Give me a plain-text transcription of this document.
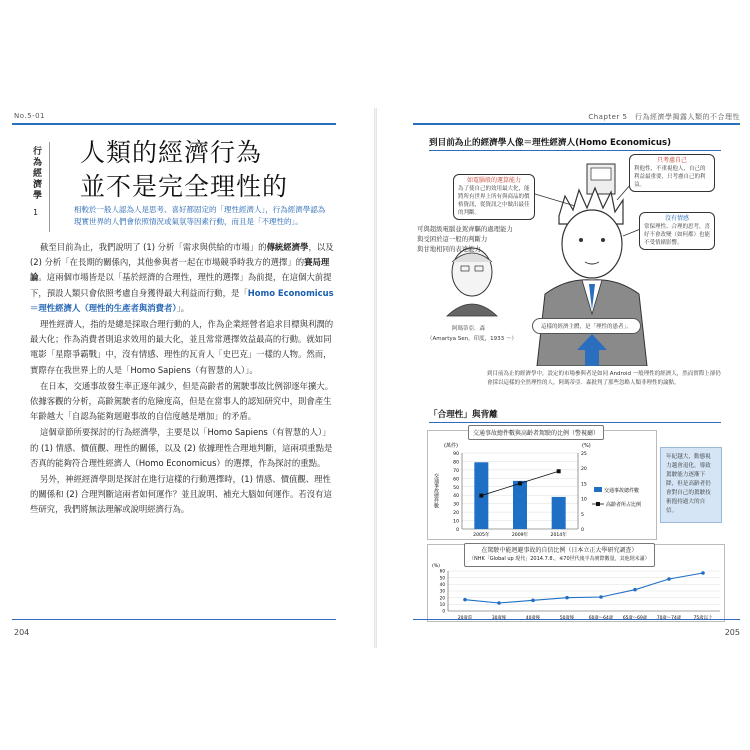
No.5-01
行為經濟學
1
人類的經濟行為
並不是完全理性的
相較於一般人認為人是思考、喜好都固定的「理性經濟人」，行為經濟學認為現實世界的人們會依照情況或氣氛等因素行動，而且是「不理性的」。

截至目前為止，我們說明了 (1) 分析「需求與供給的市場」的傳統經濟學，以及 (2) 分析「在長期的關係內，其他參與者一起在市場競爭時我方的選擇」的賽局理論。這兩個市場皆是以「基於經濟的合理性，理性的選擇」為前提，在這個大前提下，預設人類只會依照考慮自身獲得最大利益而行動，是「Homo Economicus＝理性經濟人（理性的生產者與消費者）」。

理性經濟人，指的是總是採取合理行動的人，作為企業經營者追求目標與利潤的最大化；作為消費者則追求效用的最大化，並且常常選擇效益最高的行動。就如同電影「星際爭霸戰」中，沒有情感、理性的瓦肯人「史巴克」一樣的人物。然而，實際存在我世界上的人是「Homo Sapiens（有智慧的人）」。

在日本，交通事故發生率正逐年減少，但是高齡者的駕駛事故比例卻逐年擴大。依據客觀的分析，高齡駕駛者的危險度高，但是在當事人的認知研究中，則會產生年齡越大「自認為能夠迴避事故的自信度越是增加」的矛盾。

這個章節所要探討的行為經濟學，主要是以「Homo Sapiens（有智慧的人）」的 (1) 情感、價值觀、理性的關係，以及 (2) 依據理性合理地判斷，這兩項重點是否真的能夠符合理性經濟人（Homo Economicus）的選擇，作為探討的重點。

另外，神經經濟學則是探討在進行這樣的行動選擇時，(1) 情感、價值觀、理性的關係和 (2) 合理判斷這兩者如何運作？並且說明、補充大腦如何運作。若沒有這些研究，我們將無法理解或說明經濟行為。

204
Chapter 5　行為經濟學揭露人類的不合理性
到目前為止的經濟學人像＝理性經濟人(Homo Economicus)
如電腦般的運算能力
為了使自己的效用最大化，能將所有世界上所有與商品的價格資訊，從資訊之中做出最佳的判斷。
只考慮自己
利他性、不重視他人，自己的利益最重要，只考慮自己的利益。
沒有情感
常保理性、合理的思考，喜好不會改變（如何都）也能不受情緒影響。
可與超級電腦並駕齊驅的處理能力
與受困於這一般的判斷力
與甘地相同的表達能力
阿瑪蒂亞．森
（Amartya Sen，印度，1933 ～）
這樣的經濟主體，是「理性的愚者」。
到目前為止的經濟學中，設定的市場參與者是如同 Android 一般理性的經濟人，然而實際上卻仍會採以這樣的全然理性的人，阿瑪蒂亞．森批判了那些忽略人類非理性的論點。
「合理性」與背離
交通事故總件數與高齡者駕駛的比例（警視廳）
(萬件)	(%)
交通事故總件數
90
80
70
60
50
40
30
20
10
0
25
20
15
10
5
0
2005年	2009年	2014年
交通事故總件數
高齡者所占比例
年紀越大，動態視力越會退化，導致駕駛能力逐漸下降，但是高齡者仍會對自己的駕駛技術抱持過大的自信。
在駕駛中能迴避事故的自信比例（日本立正大學研究調查）
（NHK「Global up 現代」2014.7.8.，※70世代後半為實際數量，其他則未滿）
(%)
60
50
40
30
20
10
0
205
